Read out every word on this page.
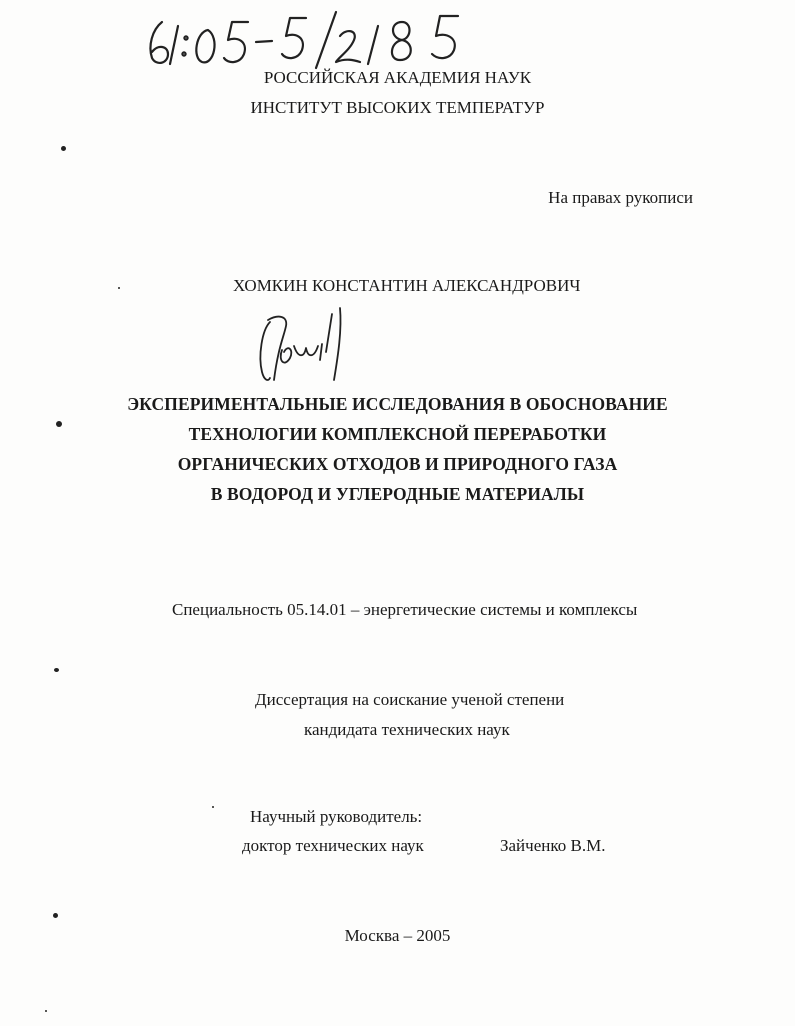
РОССИЙСКАЯ АКАДЕМИЯ НАУК
ИНСТИТУТ ВЫСОКИХ ТЕМПЕРАТУР
На правах рукописи
ХОМКИН КОНСТАНТИН АЛЕКСАНДРОВИЧ
ЭКСПЕРИМЕНТАЛЬНЫЕ ИССЛЕДОВАНИЯ В ОБОСНОВАНИЕ
ТЕХНОЛОГИИ КОМПЛЕКСНОЙ ПЕРЕРАБОТКИ
ОРГАНИЧЕСКИХ ОТХОДОВ И ПРИРОДНОГО ГАЗА
В ВОДОРОД И УГЛЕРОДНЫЕ МАТЕРИАЛЫ
Специальность 05.14.01 – энергетические системы и комплексы
Диссертация на соискание ученой степени
кандидата технических наук
Научный руководитель:
доктор технических наук	Зайченко В.М.
Москва – 2005
